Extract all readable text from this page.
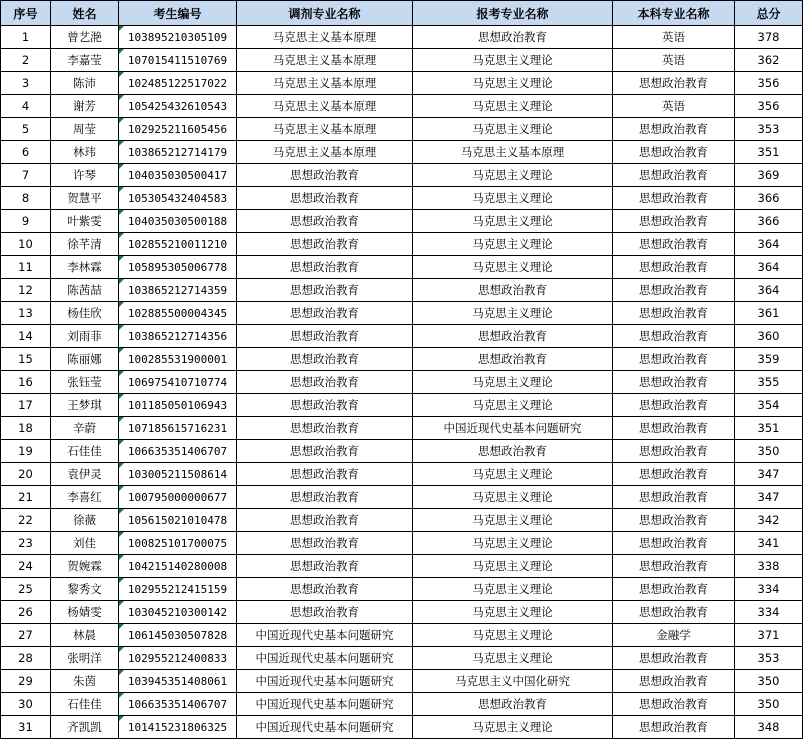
序号	姓名	考生编号	调剂专业名称	报考专业名称	本科专业名称	总分
1	曾艺滟	103895210305109	马克思主义基本原理	思想政治教育	英语	378
2	李嘉莹	107015411510769	马克思主义基本原理	马克思主义理论	英语	362
3	陈沛	102485122517022	马克思主义基本原理	马克思主义理论	思想政治教育	356
4	谢芳	105425432610543	马克思主义基本原理	马克思主义理论	英语	356
5	周莹	102925211605456	马克思主义基本原理	马克思主义理论	思想政治教育	353
6	林玮	103865212714179	马克思主义基本原理	马克思主义基本原理	思想政治教育	351
7	许琴	104035030500417	思想政治教育	马克思主义理论	思想政治教育	369
8	贺慧平	105305432404583	思想政治教育	马克思主义理论	思想政治教育	366
9	叶紫雯	104035030500188	思想政治教育	马克思主义理论	思想政治教育	366
10	徐芊清	102855210011210	思想政治教育	马克思主义理论	思想政治教育	364
11	李林霖	105895305006778	思想政治教育	马克思主义理论	思想政治教育	364
12	陈茜喆	103865212714359	思想政治教育	思想政治教育	思想政治教育	364
13	杨佳欣	102885500004345	思想政治教育	马克思主义理论	思想政治教育	361
14	刘雨菲	103865212714356	思想政治教育	思想政治教育	思想政治教育	360
15	陈丽娜	100285531900001	思想政治教育	思想政治教育	思想政治教育	359
16	张钰莹	106975410710774	思想政治教育	马克思主义理论	思想政治教育	355
17	王梦琪	101185050106943	思想政治教育	马克思主义理论	思想政治教育	354
18	辛蔚	107185615716231	思想政治教育	中国近现代史基本问题研究	思想政治教育	351
19	石佳佳	106635351406707	思想政治教育	思想政治教育	思想政治教育	350
20	袁伊灵	103005211508614	思想政治教育	马克思主义理论	思想政治教育	347
21	李喜红	100795000000677	思想政治教育	马克思主义理论	思想政治教育	347
22	徐薇	105615021010478	思想政治教育	马克思主义理论	思想政治教育	342
23	刘佳	100825101700075	思想政治教育	马克思主义理论	思想政治教育	341
24	贺婉霖	104215140280008	思想政治教育	马克思主义理论	思想政治教育	338
25	黎秀文	102955212415159	思想政治教育	马克思主义理论	思想政治教育	334
26	杨婧雯	103045210300142	思想政治教育	马克思主义理论	思想政治教育	334
27	林晨	106145030507828	中国近现代史基本问题研究	马克思主义理论	金融学	371
28	张明洋	102955212400833	中国近现代史基本问题研究	马克思主义理论	思想政治教育	353
29	朱茵	103945351408061	中国近现代史基本问题研究	马克思主义中国化研究	思想政治教育	350
30	石佳佳	106635351406707	中国近现代史基本问题研究	思想政治教育	思想政治教育	350
31	齐凯凯	101415231806325	中国近现代史基本问题研究	马克思主义理论	思想政治教育	348
